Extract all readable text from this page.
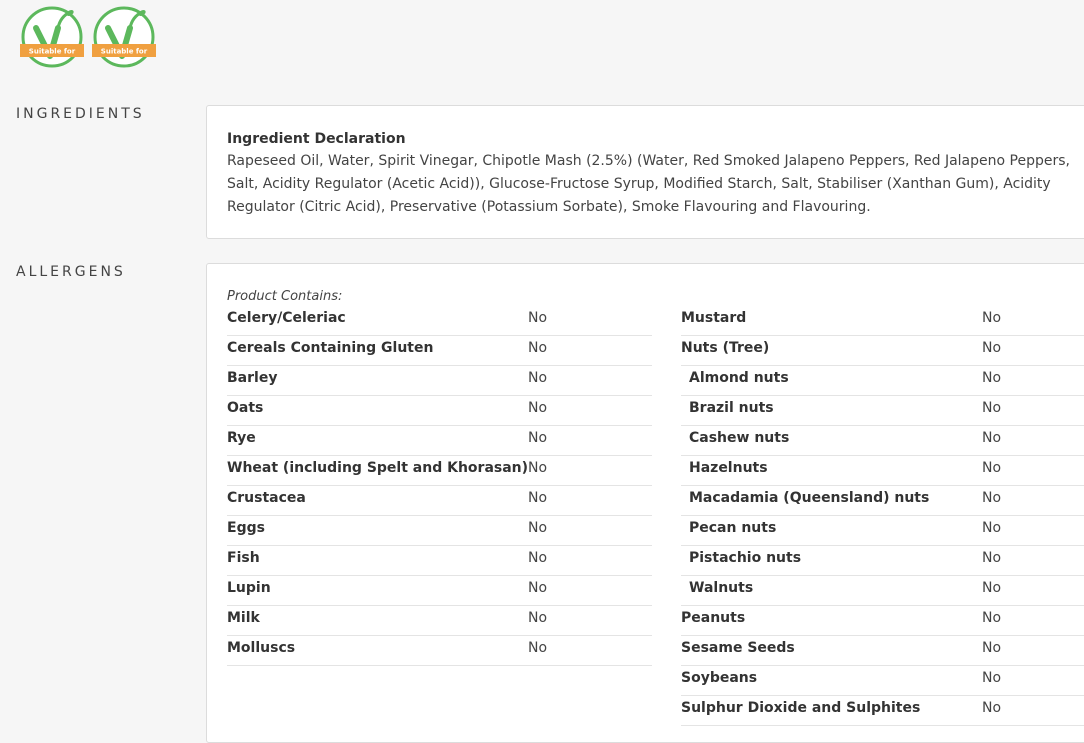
Suitable for	Suitable for
INGREDIENTS
Ingredient Declaration
Rapeseed Oil, Water, Spirit Vinegar, Chipotle Mash (2.5%) (Water, Red Smoked Jalapeno Peppers, Red Jalapeno Peppers, Salt, Acidity Regulator (Acetic Acid)), Glucose-Fructose Syrup, Modified Starch, Salt, Stabiliser (Xanthan Gum), Acidity Regulator (Citric Acid), Preservative (Potassium Sorbate), Smoke Flavouring and Flavouring.
ALLERGENS
Product Contains:
Celery/Celeriac	No
Cereals Containing Gluten	No
Barley	No
Oats	No
Rye	No
Wheat (including Spelt and Khorasan) No
Crustacea	No
Eggs	No
Fish	No
Lupin	No
Milk	No
Molluscs	No
Mustard	No
Nuts (Tree)	No
Almond nuts	No
Brazil nuts	No
Cashew nuts	No
Hazelnuts	No
Macadamia (Queensland) nuts	No
Pecan nuts	No
Pistachio nuts	No
Walnuts	No
Peanuts	No
Sesame Seeds	No
Soybeans	No
Sulphur Dioxide and Sulphites	No
